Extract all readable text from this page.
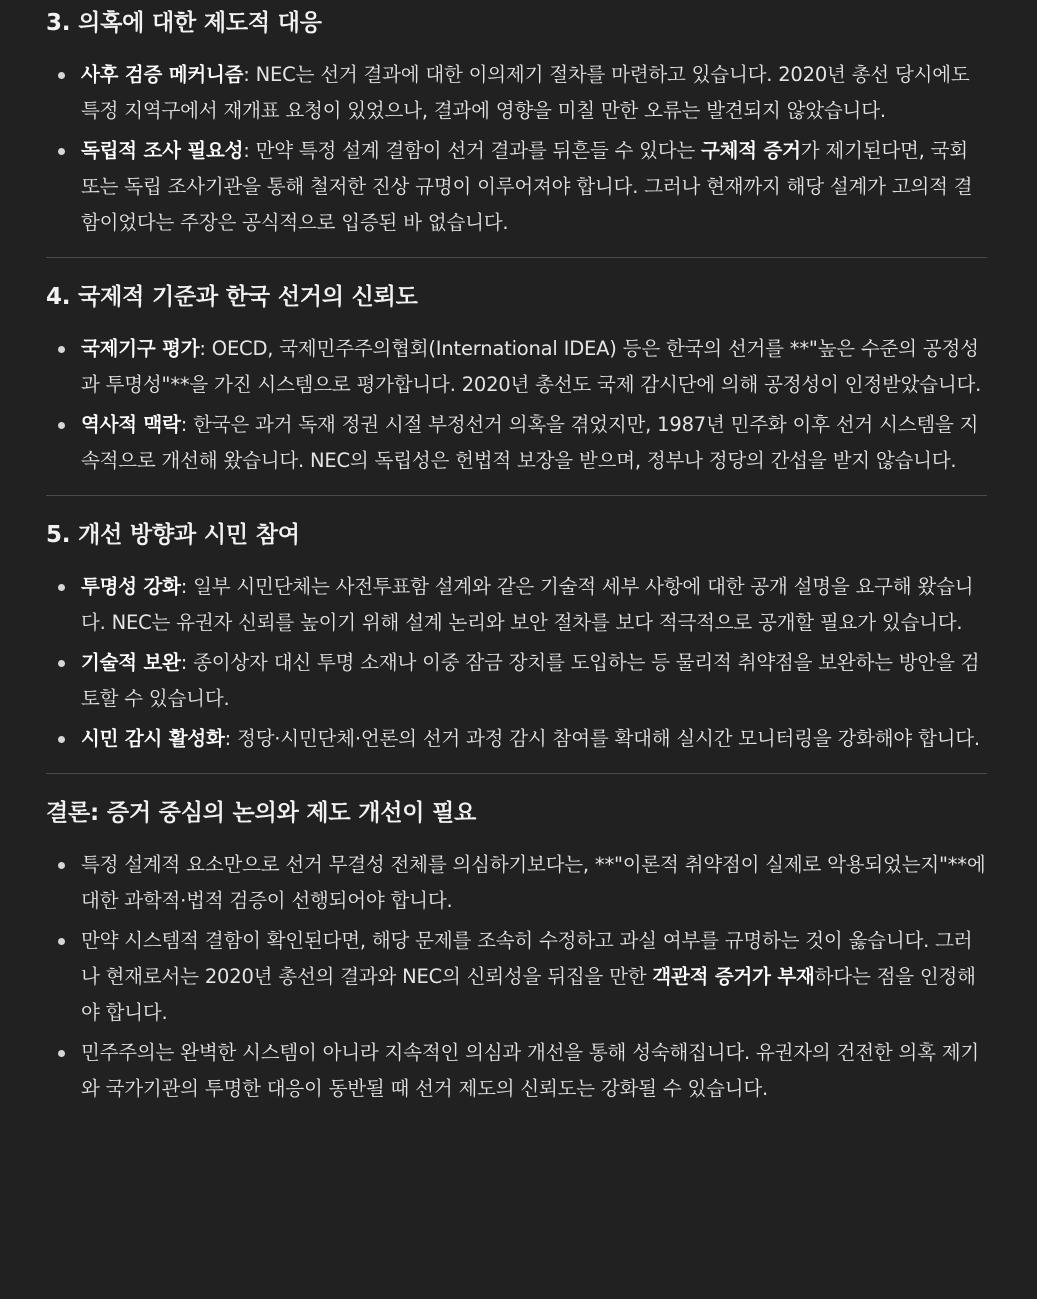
3. 의혹에 대한 제도적 대응
사후 검증 메커니즘: NEC는 선거 결과에 대한 이의제기 절차를 마련하고 있습니다. 2020년 총선 당시에도 특정 지역구에서 재개표 요청이 있었으나, 결과에 영향을 미칠 만한 오류는 발견되지 않았습니다.
독립적 조사 필요성: 만약 특정 설계 결함이 선거 결과를 뒤흔들 수 있다는 구체적 증거가 제기된다면, 국회 또는 독립 조사기관을 통해 철저한 진상 규명이 이루어져야 합니다. 그러나 현재까지 해당 설계가 고의적 결함이었다는 주장은 공식적으로 입증된 바 없습니다.
4. 국제적 기준과 한국 선거의 신뢰도
국제기구 평가: OECD, 국제민주주의협회(International IDEA) 등은 한국의 선거를 **"높은 수준의 공정성과 투명성"**을 가진 시스템으로 평가합니다. 2020년 총선도 국제 감시단에 의해 공정성이 인정받았습니다.
역사적 맥락: 한국은 과거 독재 정권 시절 부정선거 의혹을 겪었지만, 1987년 민주화 이후 선거 시스템을 지속적으로 개선해 왔습니다. NEC의 독립성은 헌법적 보장을 받으며, 정부나 정당의 간섭을 받지 않습니다.
5. 개선 방향과 시민 참여
투명성 강화: 일부 시민단체는 사전투표함 설계와 같은 기술적 세부 사항에 대한 공개 설명을 요구해 왔습니다. NEC는 유권자 신뢰를 높이기 위해 설계 논리와 보안 절차를 보다 적극적으로 공개할 필요가 있습니다.
기술적 보완: 종이상자 대신 투명 소재나 이중 잠금 장치를 도입하는 등 물리적 취약점을 보완하는 방안을 검토할 수 있습니다.
시민 감시 활성화: 정당·시민단체·언론의 선거 과정 감시 참여를 확대해 실시간 모니터링을 강화해야 합니다.
결론: 증거 중심의 논의와 제도 개선이 필요
특정 설계적 요소만으로 선거 무결성 전체를 의심하기보다는, **"이론적 취약점이 실제로 악용되었는지"**에 대한 과학적·법적 검증이 선행되어야 합니다.
만약 시스템적 결함이 확인된다면, 해당 문제를 조속히 수정하고 과실 여부를 규명하는 것이 옳습니다. 그러나 현재로서는 2020년 총선의 결과와 NEC의 신뢰성을 뒤집을 만한 객관적 증거가 부재하다는 점을 인정해야 합니다.
민주주의는 완벽한 시스템이 아니라 지속적인 의심과 개선을 통해 성숙해집니다. 유권자의 건전한 의혹 제기와 국가기관의 투명한 대응이 동반될 때 선거 제도의 신뢰도는 강화될 수 있습니다.
